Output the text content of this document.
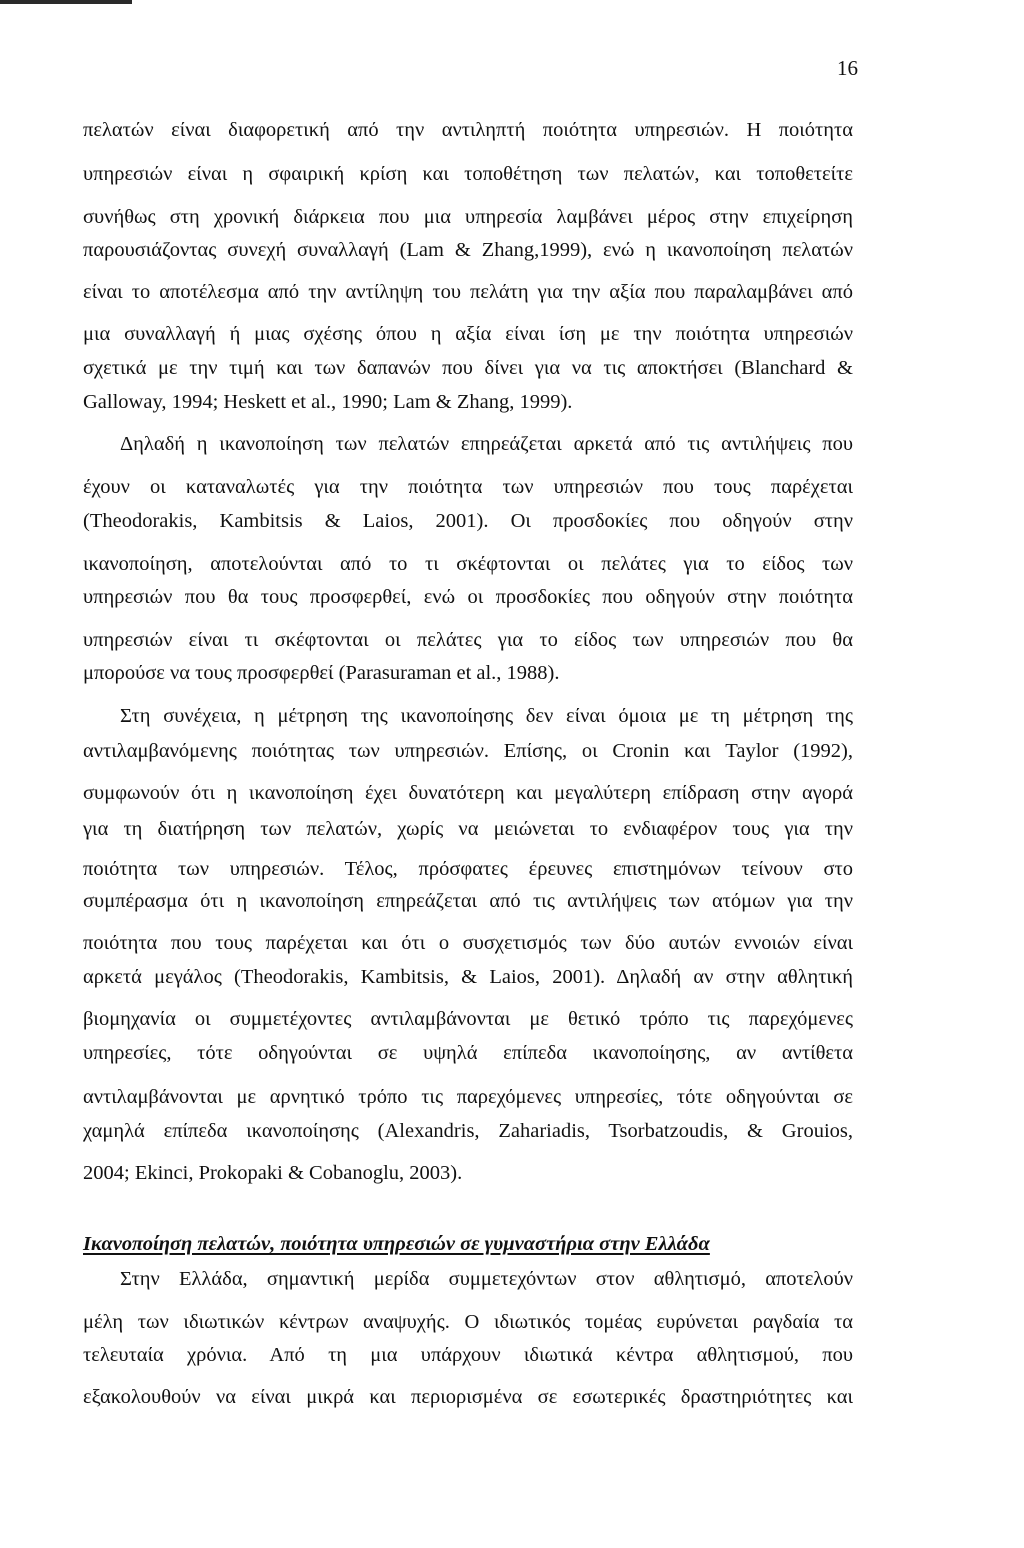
16
πελατών είναι διαφορετική από την αντιληπτή ποιότητα υπηρεσιών. Η ποιότητα
υπηρεσιών είναι η σφαιρική κρίση και τοποθέτηση των πελατών, και τοποθετείτε
συνήθως στη χρονική διάρκεια που μια υπηρεσία λαμβάνει μέρος στην επιχείρηση
παρουσιάζοντας συνεχή συναλλαγή (Lam & Zhang,1999), ενώ η ικανοποίηση πελατών
είναι το αποτέλεσμα από την αντίληψη του πελάτη για την αξία που παραλαμβάνει από
μια συναλλαγή ή μιας σχέσης όπου η αξία είναι ίση με την ποιότητα υπηρεσιών
σχετικά με την τιμή και των δαπανών που δίνει για να τις αποκτήσει (Blanchard &
Galloway, 1994; Heskett et al., 1990; Lam & Zhang, 1999).
Δηλαδή η ικανοποίηση των πελατών επηρεάζεται αρκετά από τις αντιλήψεις που
έχουν οι καταναλωτές για την ποιότητα των υπηρεσιών που τους παρέχεται
(Theodorakis, Kambitsis & Laios, 2001). Οι προσδοκίες που οδηγούν στην
ικανοποίηση, αποτελούνται από το τι σκέφτονται οι πελάτες για το είδος των
υπηρεσιών που θα τους προσφερθεί, ενώ οι προσδοκίες που οδηγούν στην ποιότητα
υπηρεσιών είναι τι σκέφτονται οι πελάτες για το είδος των υπηρεσιών που θα
μπορούσε να τους προσφερθεί (Parasuraman et al., 1988).
Στη συνέχεια, η μέτρηση της ικανοποίησης δεν είναι όμοια με τη μέτρηση της
αντιλαμβανόμενης ποιότητας των υπηρεσιών. Επίσης, οι Cronin και Taylor (1992),
συμφωνούν ότι η ικανοποίηση έχει δυνατότερη και μεγαλύτερη επίδραση στην αγορά
για τη διατήρηση των πελατών, χωρίς να μειώνεται το ενδιαφέρον τους για την
ποιότητα των υπηρεσιών. Τέλος, πρόσφατες έρευνες επιστημόνων τείνουν στο
συμπέρασμα ότι η ικανοποίηση επηρεάζεται από τις αντιλήψεις των ατόμων για την
ποιότητα που τους παρέχεται και ότι ο συσχετισμός των δύο αυτών εννοιών είναι
αρκετά μεγάλος (Theodorakis, Kambitsis, & Laios, 2001). Δηλαδή αν στην αθλητική
βιομηχανία οι συμμετέχοντες αντιλαμβάνονται με θετικό τρόπο τις παρεχόμενες
υπηρεσίες, τότε οδηγούνται σε υψηλά επίπεδα ικανοποίησης, αν αντίθετα
αντιλαμβάνονται με αρνητικό τρόπο τις παρεχόμενες υπηρεσίες, τότε οδηγούνται σε
χαμηλά επίπεδα ικανοποίησης (Alexandris, Zahariadis, Tsorbatzoudis, & Grouios,
2004; Ekinci, Prokopaki & Cobanoglu, 2003).
Ικανοποίηση πελατών, ποιότητα υπηρεσιών σε γυμναστήρια στην Ελλάδα
Στην Ελλάδα, σημαντική μερίδα συμμετεχόντων στον αθλητισμό, αποτελούν
μέλη των ιδιωτικών κέντρων αναψυχής. Ο ιδιωτικός τομέας ευρύνεται ραγδαία τα
τελευταία χρόνια. Από τη μια υπάρχουν ιδιωτικά κέντρα αθλητισμού, που
εξακολουθούν να είναι μικρά και περιορισμένα σε εσωτερικές δραστηριότητες και
